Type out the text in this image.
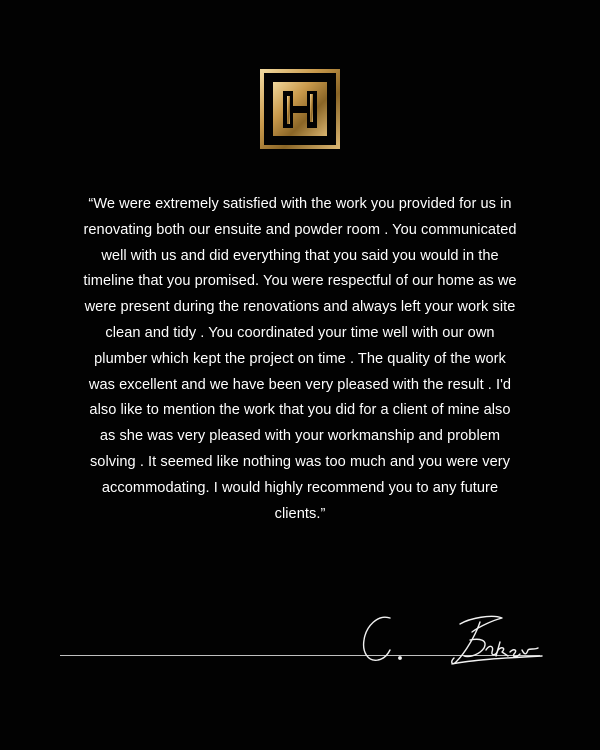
“We were extremely satisfied with the work you provided for us in renovating both our ensuite and powder room . You communicated well with us and did everything that you said you would in the timeline that you promised. You were respectful of our home as we were present during the renovations and always left your work site clean and tidy . You coordinated your time well with our own plumber which kept the project on time . The quality of the work was excellent and we have been very pleased with the result . I'd also like to mention the work that you did for a client of mine also as she was very pleased with your workmanship and problem solving . It seemed like nothing was too much and you were very accommodating. I would highly recommend you to any future clients.”
